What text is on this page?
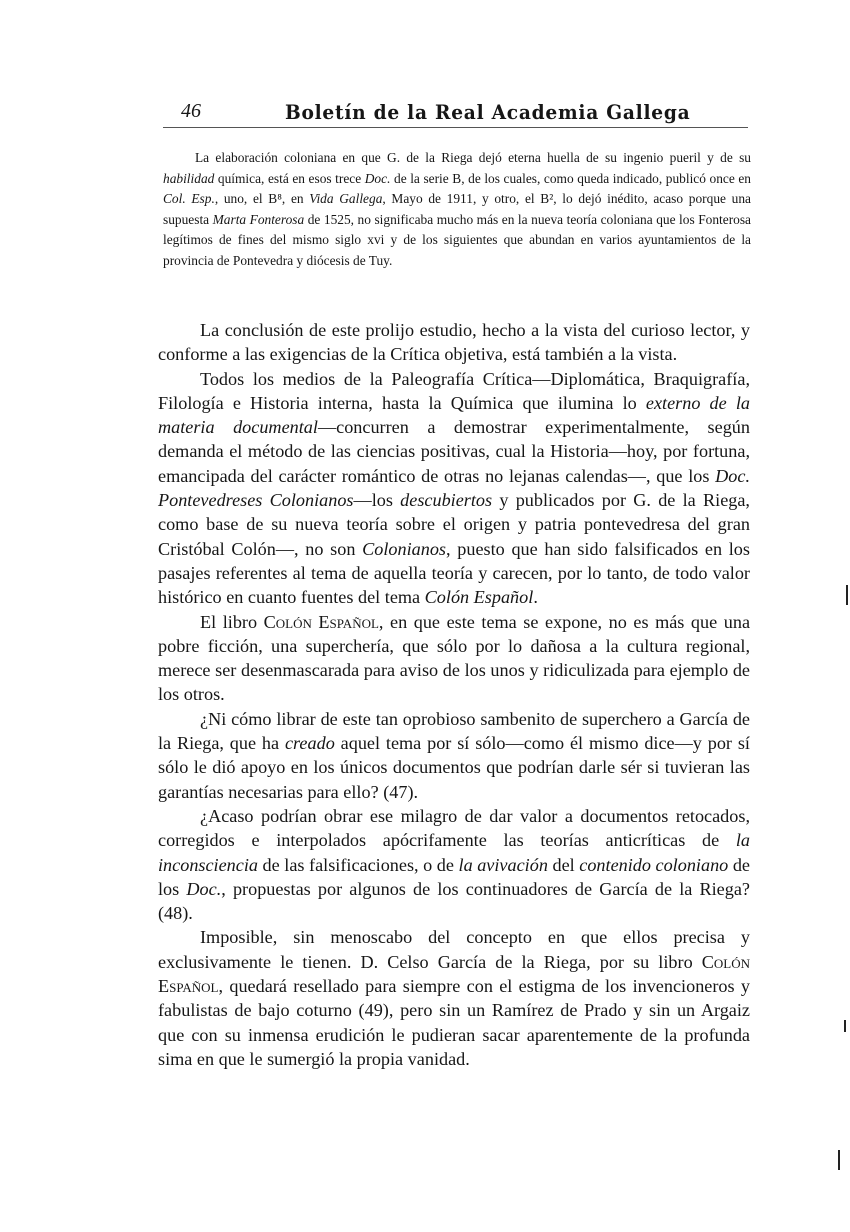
46	Boletín de la Real Academia Gallega
La elaboración coloniana en que G. de la Riega dejó eterna huella de su ingenio pueril y de su habilidad química, está en esos trece Doc. de la serie B, de los cuales, como queda indicado, publicó once en Col. Esp., uno, el B⁸, en Vida Gallega, Mayo de 1911, y otro, el B², lo dejó inédito, acaso porque una supuesta Marta Fonterosa de 1525, no significaba mucho más en la nueva teoría coloniana que los Fonterosa legítimos de fines del mismo siglo xvi y de los siguientes que abundan en varios ayuntamientos de la provincia de Pontevedra y diócesis de Tuy.

La conclusión de este prolijo estudio, hecho a la vista del curioso lector, y conforme a las exigencias de la Crítica objetiva, está también a la vista.

Todos los medios de la Paleografía Crítica—Diplomática, Braquigrafía, Filología e Historia interna, hasta la Química que ilumina lo externo de la materia documental—concurren a demostrar experimentalmente, según demanda el método de las ciencias positivas, cual la Historia—hoy, por fortuna, emancipada del carácter romántico de otras no lejanas calendas—, que los Doc. Pontevedreses Colonianos—los descubiertos y publicados por G. de la Riega, como base de su nueva teoría sobre el origen y patria pontevedresa del gran Cristóbal Colón—, no son Colonianos, puesto que han sido falsificados en los pasajes referentes al tema de aquella teoría y carecen, por lo tanto, de todo valor histórico en cuanto fuentes del tema Colón Español.

El libro Colón Español, en que este tema se expone, no es más que una pobre ficción, una superchería, que sólo por lo dañosa a la cultura regional, merece ser desenmascarada para aviso de los unos y ridiculizada para ejemplo de los otros.

¿Ni cómo librar de este tan oprobioso sambenito de superchero a García de la Riega, que ha creado aquel tema por sí sólo—como él mismo dice—y por sí sólo le dió apoyo en los únicos documentos que podrían darle sér si tuvieran las garantías necesarias para ello? (47).

¿Acaso podrían obrar ese milagro de dar valor a documentos retocados, corregidos e interpolados apócrifamente las teorías anticríticas de la inconsciencia de las falsificaciones, o de la avivación del contenido coloniano de los Doc., propuestas por algunos de los continuadores de García de la Riega? (48).

Imposible, sin menoscabo del concepto en que ellos precisa y exclusivamente le tienen. D. Celso García de la Riega, por su libro Colón Español, quedará resellado para siempre con el estigma de los invencioneros y fabulistas de bajo coturno (49), pero sin un Ramírez de Prado y sin un Argaiz que con su inmensa erudición le pudieran sacar aparentemente de la profunda sima en que le sumergió la propia vanidad.
